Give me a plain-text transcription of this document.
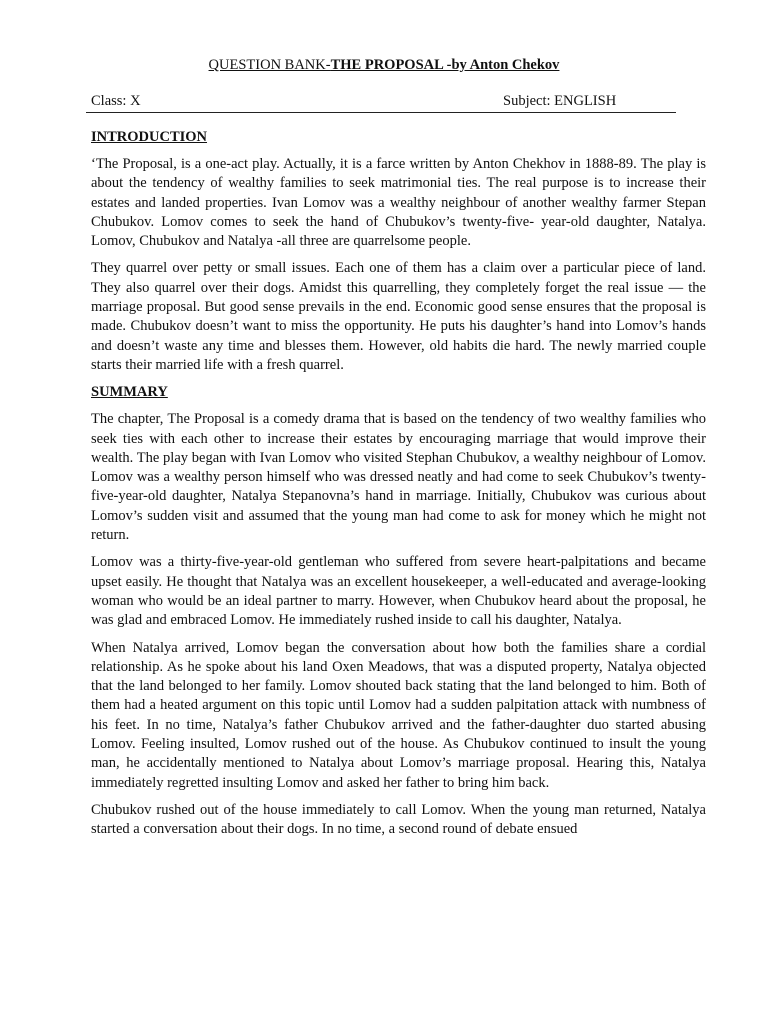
QUESTION BANK-THE PROPOSAL -by Anton Chekov
Class: X	Subject: ENGLISH
INTRODUCTION

‘The Proposal, is a one-act play. Actually, it is a farce written by Anton Chekhov in 1888-89. The play is about the tendency of wealthy families to seek matrimonial ties. The real purpose is to increase their estates and landed properties. Ivan Lomov was a wealthy neighbour of another wealthy farmer Stepan Chubukov. Lomov comes to seek the hand of Chubukov’s twenty-five- year-old daughter, Natalya. Lomov, Chubukov and Natalya -all three are quarrelsome people.

They quarrel over petty or small issues. Each one of them has a claim over a particular piece of land. They also quarrel over their dogs. Amidst this quarrelling, they completely forget the real issue — the marriage proposal. But good sense prevails in the end. Economic good sense ensures that the proposal is made. Chubukov doesn’t want to miss the opportunity. He puts his daughter’s hand into Lomov’s hands and doesn’t waste any time and blesses them. However, old habits die hard. The newly married couple starts their married life with a fresh quarrel.

SUMMARY

The chapter, The Proposal is a comedy drama that is based on the tendency of two wealthy families who seek ties with each other to increase their estates by encouraging marriage that would improve their wealth. The play began with Ivan Lomov who visited Stephan Chubukov, a wealthy neighbour of Lomov. Lomov was a wealthy person himself who was dressed neatly and had come to seek Chubukov’s twenty-five-year-old daughter, Natalya Stepanovna’s hand in marriage. Initially, Chubukov was curious about Lomov’s sudden visit and assumed that the young man had come to ask for money which he might not return.

Lomov was a thirty-five-year-old gentleman who suffered from severe heart-palpitations and became upset easily. He thought that Natalya was an excellent housekeeper, a well-educated and average-looking woman who would be an ideal partner to marry. However, when Chubukov heard about the proposal, he was glad and embraced Lomov. He immediately rushed inside to call his daughter, Natalya.

When Natalya arrived, Lomov began the conversation about how both the families share a cordial relationship. As he spoke about his land Oxen Meadows, that was a disputed property, Natalya objected that the land belonged to her family. Lomov shouted back stating that the land belonged to him. Both of them had a heated argument on this topic until Lomov had a sudden palpitation attack with numbness of his feet. In no time, Natalya’s father Chubukov arrived and the father-daughter duo started abusing Lomov. Feeling insulted, Lomov rushed out of the house. As Chubukov continued to insult the young man, he accidentally mentioned to Natalya about Lomov’s marriage proposal. Hearing this, Natalya immediately regretted insulting Lomov and asked her father to bring him back.

Chubukov rushed out of the house immediately to call Lomov. When the young man returned, Natalya started a conversation about their dogs. In no time, a second round of debate ensued
